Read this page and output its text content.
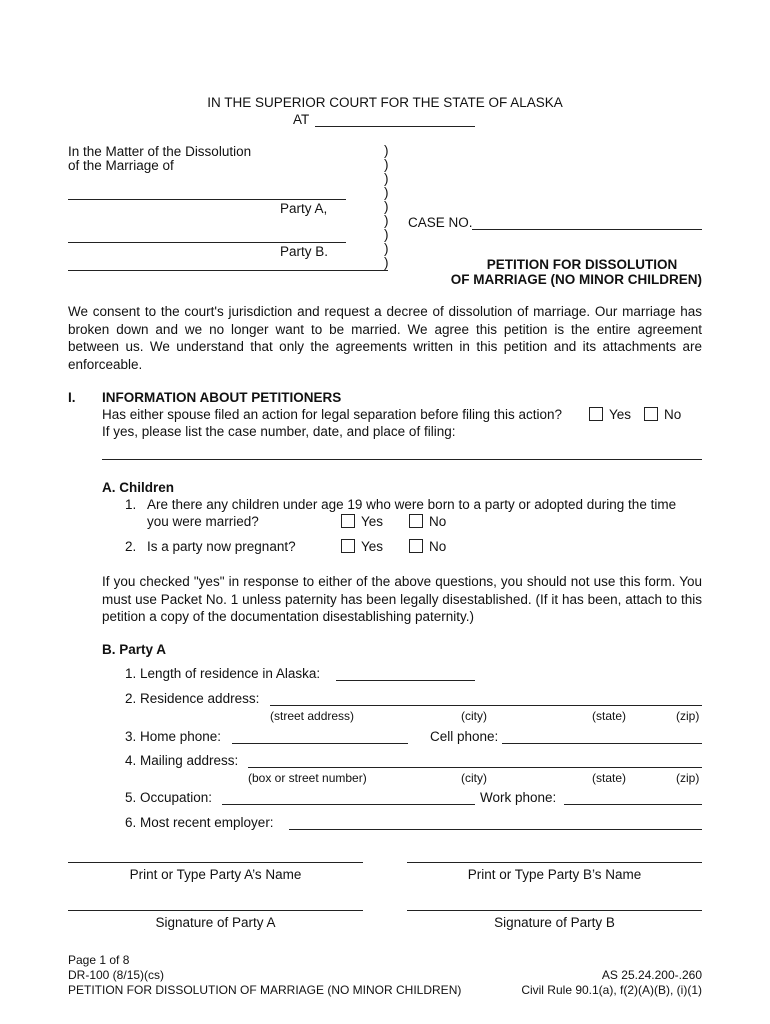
IN THE SUPERIOR COURT FOR THE STATE OF ALASKA
AT
In the Matter of the Dissolution
of the Marriage of
Party A,
Party B.
)
)
)
)
)
)
)
)
)
CASE NO.
PETITION FOR DISSOLUTION
OF MARRIAGE (NO MINOR CHILDREN)
We consent to the court's jurisdiction and request a decree of dissolution of marriage. Our marriage has broken down and we no longer want to be married. We agree this petition is the entire agreement between us. We understand that only the agreements written in this petition and its attachments are enforceable.
I. INFORMATION ABOUT PETITIONERS
Has either spouse filed an action for legal separation before filing this action?	Yes	No
If yes, please list the case number, date, and place of filing:
A. Children
1. Are there any children under age 19 who were born to a party or adopted during the time
you were married?	Yes	No
2. Is a party now pregnant?	Yes	No
If you checked "yes" in response to either of the above questions, you should not use this form. You must use Packet No. 1 unless paternity has been legally disestablished. (If it has been, attach to this petition a copy of the documentation disestablishing paternity.)
B. Party A
1. Length of residence in Alaska:
2. Residence address:
(street address)	(city)	(state)	(zip)
3. Home phone:	Cell phone:
4. Mailing address:
(box or street number)	(city)	(state)	(zip)
5. Occupation:	Work phone:
6. Most recent employer:
Print or Type Party A’s Name	Print or Type Party B’s Name
Signature of Party A	Signature of Party B
Page 1 of 8
DR-100 (8/15)(cs)
PETITION FOR DISSOLUTION OF MARRIAGE (NO MINOR CHILDREN)
AS 25.24.200-.260
Civil Rule 90.1(a), f(2)(A)(B), (i)(1)
